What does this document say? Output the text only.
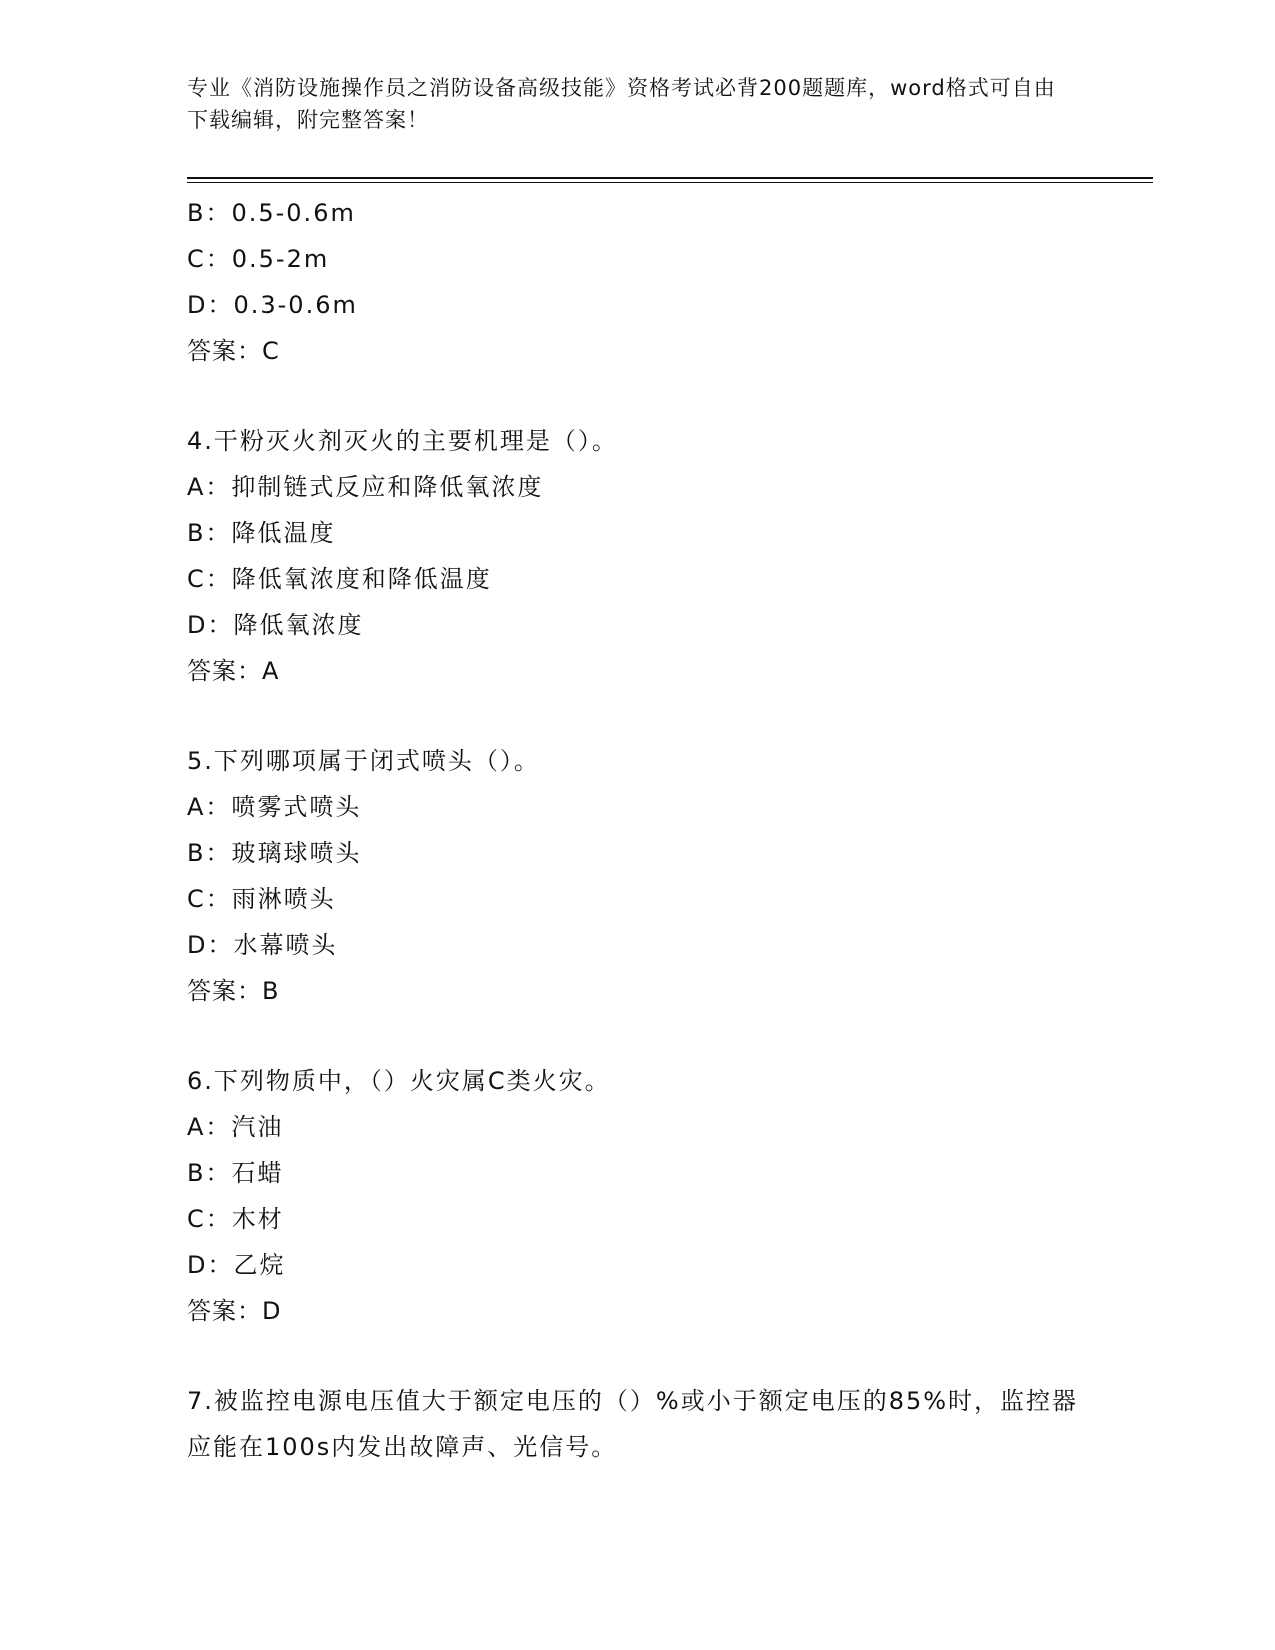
专业《消防设施操作员之消防设备高级技能》资格考试必背200题题库，word格式可自由下载编辑，附完整答案！

B：0.5-0.6m
C：0.5-2m
D：0.3-0.6m
答案：C
4.干粉灭火剂灭火的主要机理是（）。
A：抑制链式反应和降低氧浓度
B：降低温度
C：降低氧浓度和降低温度
D：降低氧浓度
答案：A
5.下列哪项属于闭式喷头（）。
A：喷雾式喷头
B：玻璃球喷头
C：雨淋喷头
D：水幕喷头
答案：B
6.下列物质中，（）火灾属C类火灾。
A：汽油
B：石蜡
C：木材
D：乙烷
答案：D
7.被监控电源电压值大于额定电压的（）%或小于额定电压的85%时，监控器应能在100s内发出故障声、光信号。
